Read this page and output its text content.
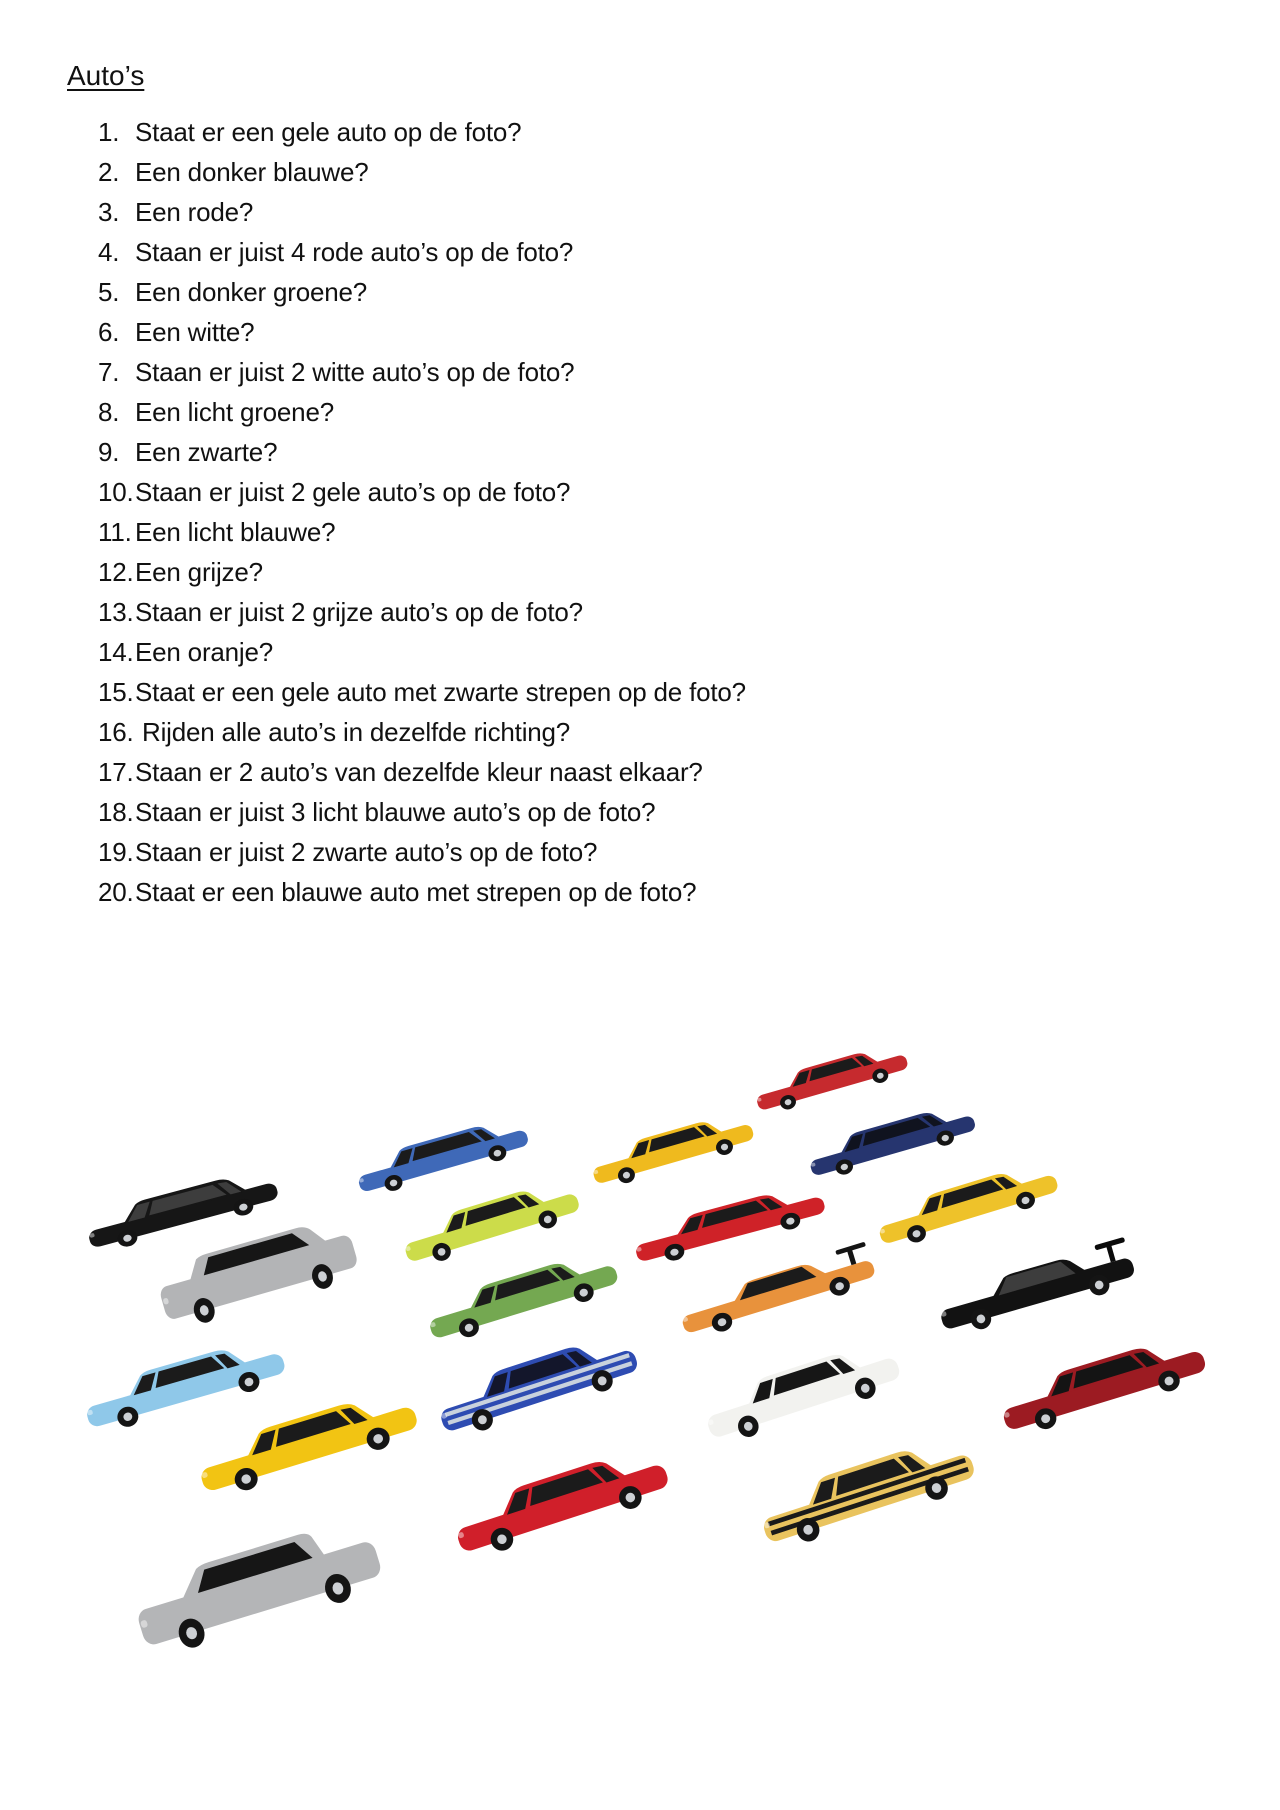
Auto’s
1. Staat er een gele auto op de foto?
2. Een donker blauwe?
3. Een rode?
4. Staan er juist 4 rode auto’s op de foto?
5. Een donker groene?
6. Een witte?
7. Staan er juist 2 witte auto’s op de foto?
8. Een licht groene?
9. Een zwarte?
10. Staan er juist 2 gele auto’s op de foto?
11. Een licht blauwe?
12. Een grijze?
13. Staan er juist 2 grijze auto’s op de foto?
14. Een oranje?
15. Staat er een gele auto met zwarte strepen op de foto?
16. Rijden alle auto’s in dezelfde richting?
17. Staan er 2 auto’s van dezelfde kleur naast elkaar?
18. Staan er juist 3 licht blauwe auto’s op de foto?
19. Staan er juist 2 zwarte auto’s op de foto?
20. Staat er een blauwe auto met strepen op de foto?
